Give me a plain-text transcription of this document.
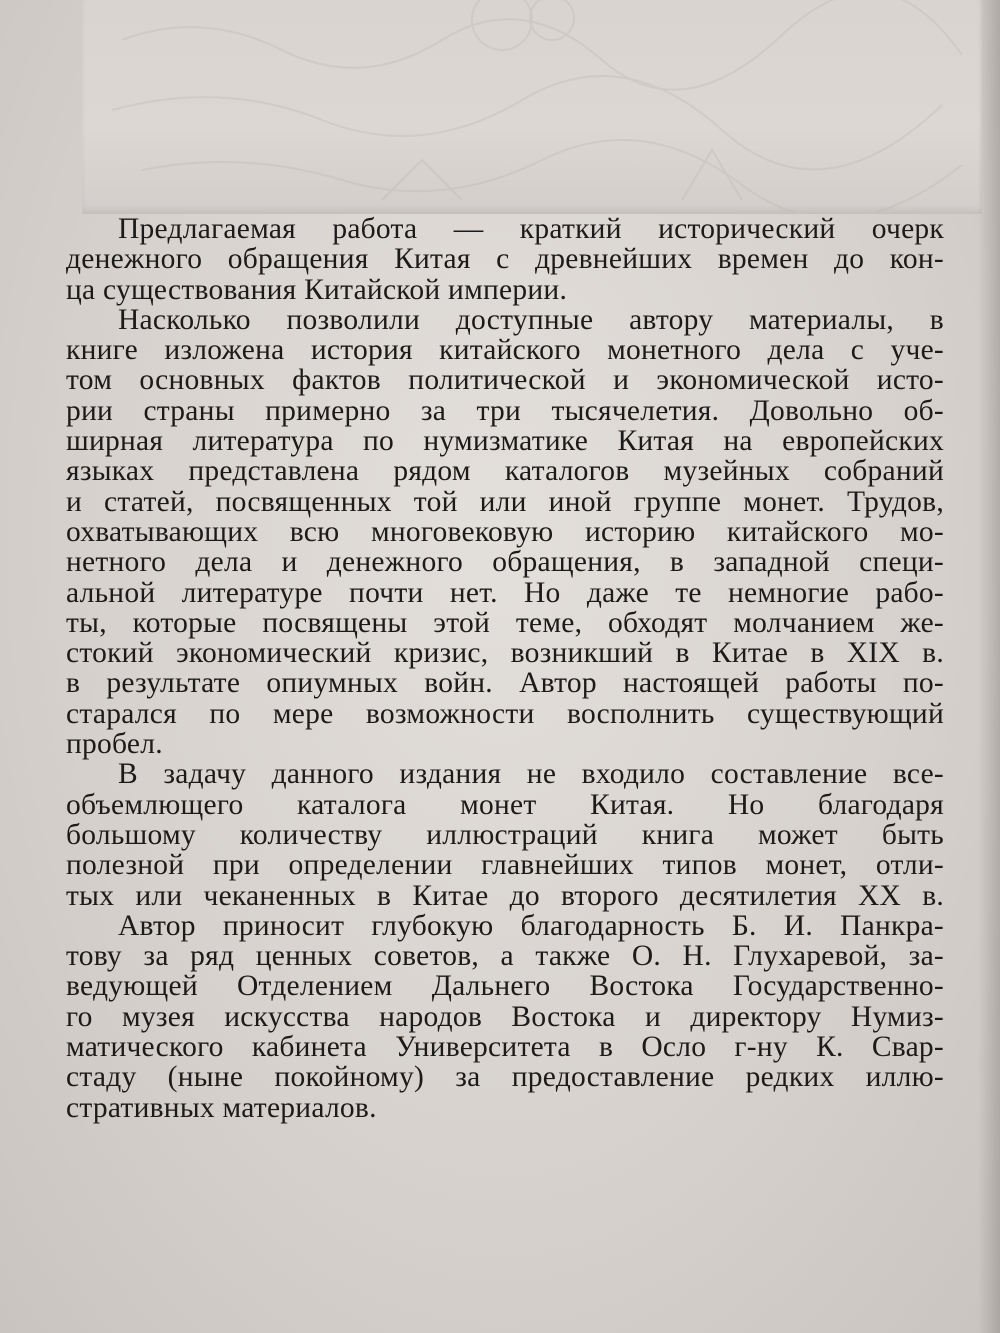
Предлагаемая работа — краткий исторический очерк
денежного обращения Китая с древнейших времен до кон-
ца существования Китайской империи.
Насколько позволили доступные автору материалы, в
книге изложена история китайского монетного дела с уче-
том основных фактов политической и экономической исто-
рии страны примерно за три тысячелетия. Довольно об-
ширная литература по нумизматике Китая на европейских
языках представлена рядом каталогов музейных собраний
и статей, посвященных той или иной группе монет. Трудов,
охватывающих всю многовековую историю китайского мо-
нетного дела и денежного обращения, в западной специ-
альной литературе почти нет. Но даже те немногие рабо-
ты, которые посвящены этой теме, обходят молчанием же-
стокий экономический кризис, возникший в Китае в XIX в.
в результате опиумных войн. Автор настоящей работы по-
старался по мере возможности восполнить существующий
пробел.
В задачу данного издания не входило составление все-
объемлющего каталога монет Китая. Но благодаря
большому количеству иллюстраций книга может быть
полезной при определении главнейших типов монет, отли-
тых или чеканенных в Китае до второго десятилетия XX в.
Автор приносит глубокую благодарность Б. И. Панкра-
тову за ряд ценных советов, а также О. Н. Глухаревой, за-
ведующей Отделением Дальнего Востока Государственно-
го музея искусства народов Востока и директору Нумиз-
матического кабинета Университета в Осло г-ну К. Свар-
стаду (ныне покойному) за предоставление редких иллю-
стративных материалов.
